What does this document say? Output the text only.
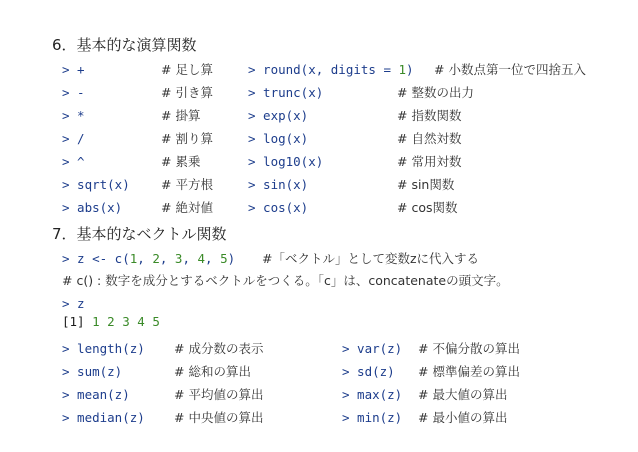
6．基本的な演算関数
> +	# 足し算	> round(x, digits = 1) # 小数点第一位で四捨五入
> -	# 引き算	> trunc(x)	# 整数の出力
> *	# 掛算	> exp(x)	# 指数関数
> /	# 割り算	> log(x)	# 自然対数
> ^	# 累乗	> log10(x)	# 常用対数
> sqrt(x)	# 平方根	> sin(x)	# sin関数
> abs(x)	# 絶対値	> cos(x)	# cos関数
7．基本的なベクトル関数
> z <- c(1, 2, 3, 4, 5) #「ベクトル」として変数zに代入する
# c() : 数字を成分とするベクトルをつくる。「c」は、concatenateの頭文字。
> z
[1] 1 2 3 4 5
> length(z) # 成分数の表示	> var(z) # 不偏分散の算出
> sum(z)	# 総和の算出	> sd(z) # 標準偏差の算出
> mean(z)	# 平均値の算出	> max(z) # 最大値の算出
> median(z) # 中央値の算出	> min(z) # 最小値の算出
